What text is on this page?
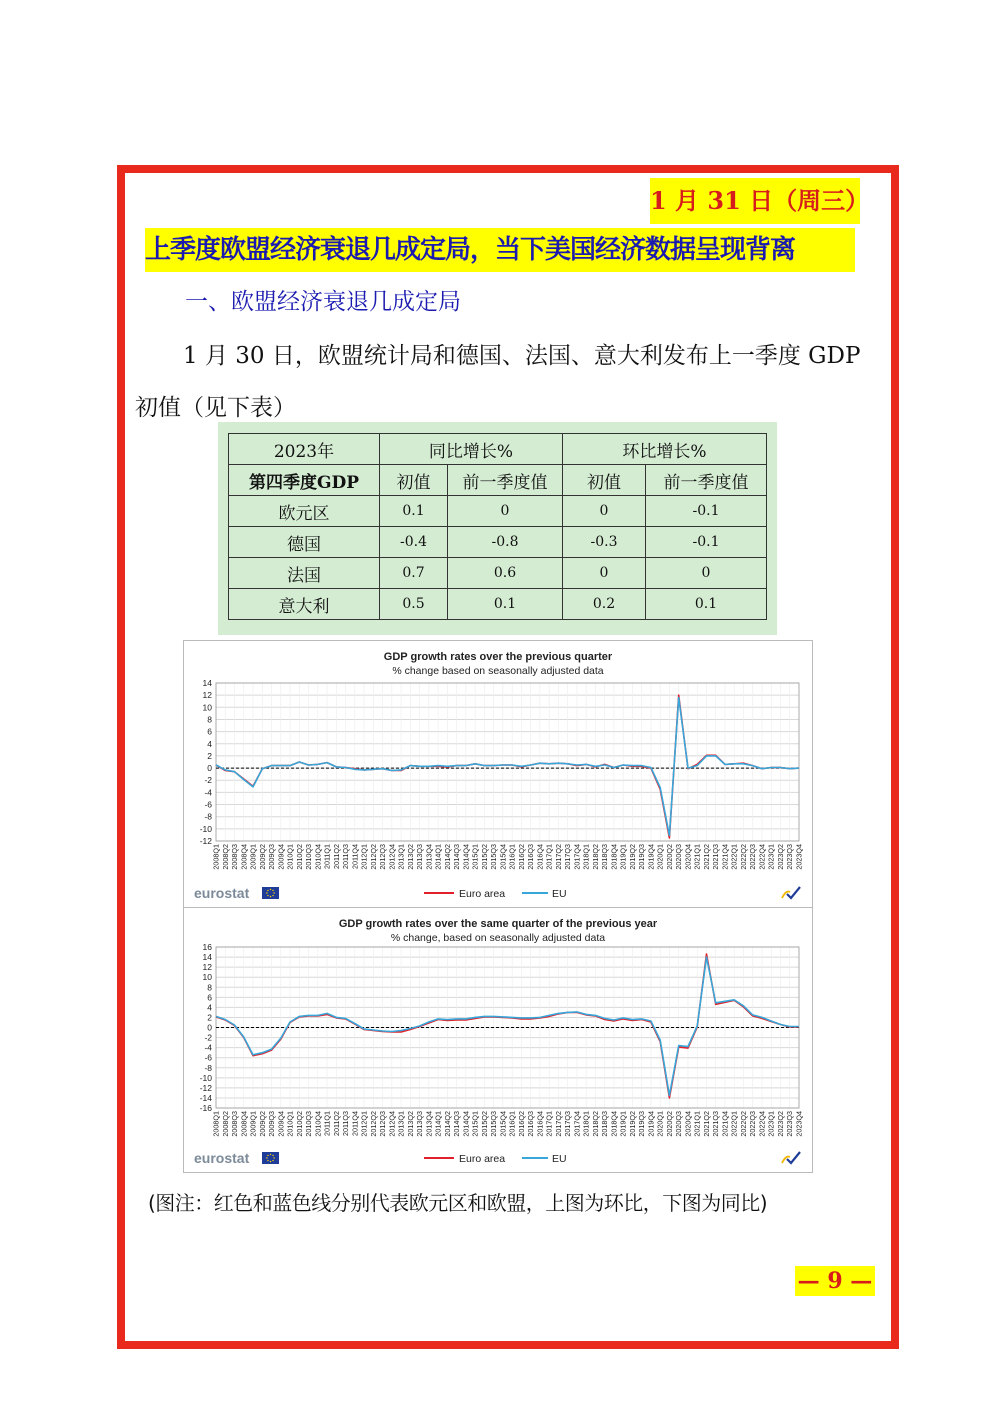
1 月 31 日（周三）
上季度欧盟经济衰退几成定局，当下美国经济数据呈现背离
一、欧盟经济衰退几成定局
1 月 30 日，欧盟统计局和德国、法国、意大利发布上一季度 GDP 初值（见下表）
2023年	同比增长%		环比增长%	
第四季度GDP	初值	前一季度值	初值	前一季度值
欧元区	0.1	0	0	-0.1
德国	-0.4	-0.8	-0.3	-0.1
法国	0.7	0.6	0	0
意大利	0.5	0.1	0.2	0.1
GDP growth rates over the previous quarter
% change based on seasonally adjusted data
14
12
10
8
6
4
2
0
-2
-4
-6
-8
-10
-12
2008Q1 2008Q2 2008Q3 2008Q4 2009Q1 2009Q2 2009Q3 2009Q4 2010Q1 2010Q2 2010Q3 2010Q4 2011Q1 2011Q2 2011Q3 2011Q4 2012Q1 2012Q2 2012Q3 2012Q4 2013Q1 2013Q2 2013Q3 2013Q4 2014Q1 2014Q2 2014Q3 2014Q4 2015Q1 2015Q2 2015Q3 2015Q4 2016Q1 2016Q2 2016Q3 2016Q4 2017Q1 2017Q2 2017Q3 2017Q4 2018Q1 2018Q2 2018Q3 2018Q4 2019Q1 2019Q2 2019Q3 2019Q4 2020Q1 2020Q2 2020Q3 2020Q4 2021Q1 2021Q2 2021Q3 2021Q4 2022Q1 2022Q2 2022Q3 2022Q4 2023Q1 2023Q2 2023Q3 2023Q4
eurostat	Euro area	EU
GDP growth rates over the same quarter of the previous year
% change, based on seasonally adjusted data
16
14
12
10
8
6
4
2
0
-2
-4
-6
-8
-10
-12
-14
-16
2008Q1 2008Q2 2008Q3 2008Q4 2009Q1 2009Q2 2009Q3 2009Q4 2010Q1 2010Q2 2010Q3 2010Q4 2011Q1 2011Q2 2011Q3 2011Q4 2012Q1 2012Q2 2012Q3 2012Q4 2013Q1 2013Q2 2013Q3 2013Q4 2014Q1 2014Q2 2014Q3 2014Q4 2015Q1 2015Q2 2015Q3 2015Q4 2016Q1 2016Q2 2016Q3 2016Q4 2017Q1 2017Q2 2017Q3 2017Q4 2018Q1 2018Q2 2018Q3 2018Q4 2019Q1 2019Q2 2019Q3 2019Q4 2020Q1 2020Q2 2020Q3 2020Q4 2021Q1 2021Q2 2021Q3 2021Q4 2022Q1 2022Q2 2022Q3 2022Q4 2023Q1 2023Q2 2023Q3 2023Q4
eurostat	Euro area	EU
(图注：红色和蓝色线分别代表欧元区和欧盟，上图为环比，下图为同比)
— 9 —
